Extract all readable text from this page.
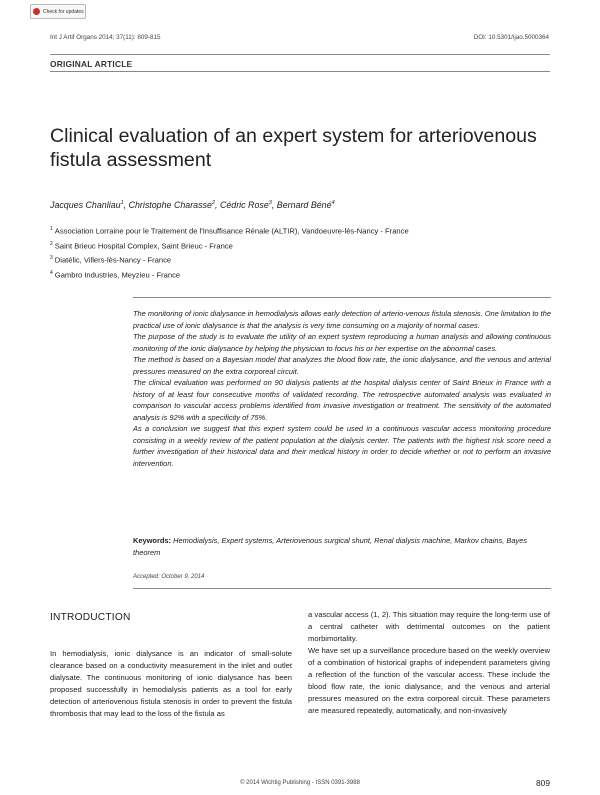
Check for updates
Int J Artif Organs 2014; 37(11): 809-815	DOI: 10.5301/ijao.5000364
ORIGINAL ARTICLE
Clinical evaluation of an expert system for arteriovenous fistula assessment
Jacques Chanliau$^1$, Christophe Charasse$^2$, Cédric Rose$^3$, Bernard Béné$^4$
$^1$ Association Lorraine pour le Traitement de l'Insuffisance Rénale (ALTIR), Vandoeuvre-lès-Nancy - France
$^2$ Saint Brieuc Hospital Complex, Saint Brieuc - France
$^3$ Diatélic, Villers-lès-Nancy - France
$^4$ Gambro Industries, Meyzieu - France

The monitoring of ionic dialysance in hemodialysis allows early detection of arterio-venous fistula stenosis. One limitation to the practical use of ionic dialysance is that the analysis is very time consuming on a majority of normal cases.

The purpose of the study is to evaluate the utility of an expert system reproducing a human analysis and allowing continuous monitoring of the ionic dialysance by helping the physician to focus his or her expertise on the abnormal cases.

The method is based on a Bayesian model that analyzes the blood flow rate, the ionic dialysance, and the venous and arterial pressures measured on the extra corporeal circuit.

The clinical evaluation was performed on 90 dialysis patients at the hospital dialysis center of Saint Brieux in France with a history of at least four consecutive months of validated recording. The retrospective automated analysis was evaluated in comparison to vascular access problems identified from invasive investigation or treatment. The sensitivity of the automated analysis is 92% with a specificity of 75%.

As a conclusion we suggest that this expert system could be used in a continuous vascular access monitoring procedure consisting in a weekly review of the patient population at the dialysis center. The patients with the highest risk score need a further investigation of their historical data and their medical history in order to decide whether or not to perform an invasive intervention.

Keywords: Hemodialysis, Expert systems, Arteriovenous surgical shunt, Renal dialysis machine, Markov chains, Bayes theorem
Accepted: October 9, 2014
INTRODUCTION

In hemodialysis, ionic dialysance is an indicator of small-solute clearance based on a conductivity measurement in the inlet and outlet dialysate. The continuous monitoring of ionic dialysance has been proposed successfully in hemodialysis patients as a tool for early detection of arteriovenous fistula stenosis in order to prevent the fistula thrombosis that may lead to the loss of the fistula as

a vascular access (1, 2). This situation may require the long-term use of a central catheter with detrimental outcomes on the patient morbimortality.

We have set up a surveillance procedure based on the weekly overview of a combination of historical graphs of independent parameters giving a reflection of the function of the vascular access. These include the blood flow rate, the ionic dialysance, and the venous and arterial pressures measured on the extra corporeal circuit. These parameters are measured repeatedly, automatically, and non-invasively

© 2014 Wichtig Publishing - ISSN 0391-3988	809
